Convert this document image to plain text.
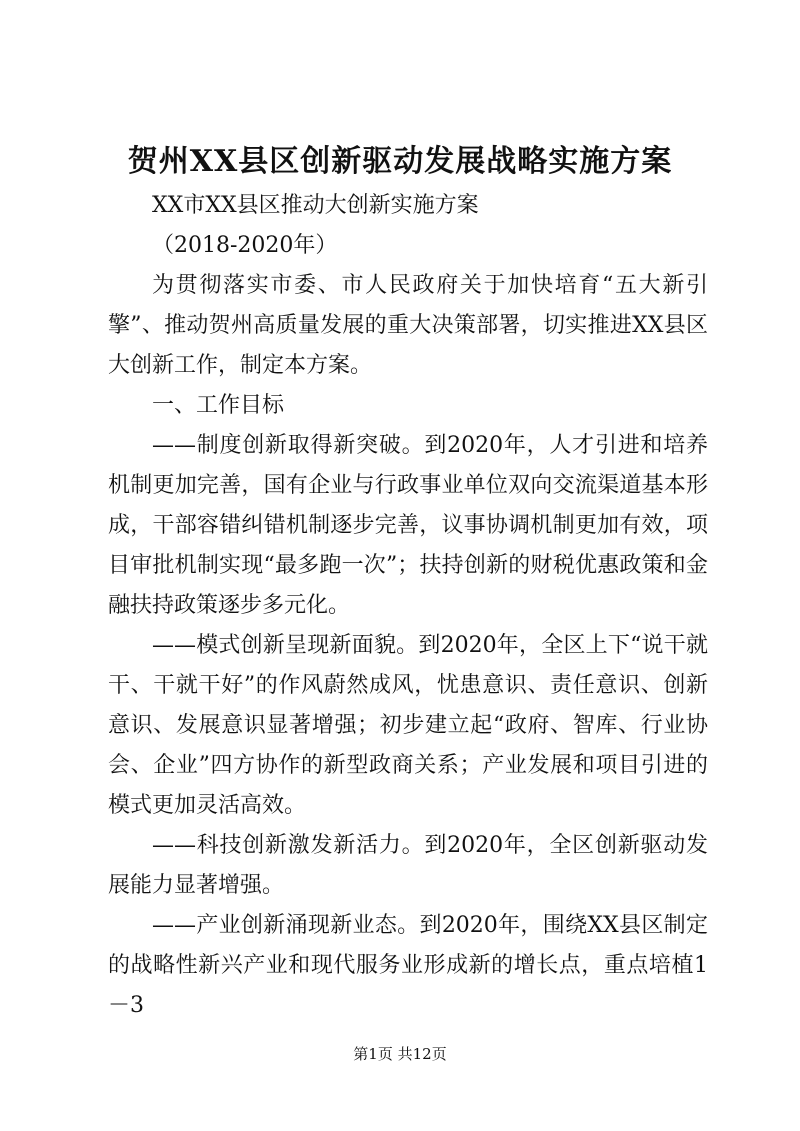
贺州XX县区创新驱动发展战略实施方案

XX市XX县区推动大创新实施方案

（2018-2020年）

为贯彻落实市委、市人民政府关于加快培育“五大新引擎”、推动贺州高质量发展的重大决策部署，切实推进XX县区大创新工作，制定本方案。

一、工作目标

——制度创新取得新突破。到2020年，人才引进和培养机制更加完善，国有企业与行政事业单位双向交流渠道基本形成，干部容错纠错机制逐步完善，议事协调机制更加有效，项目审批机制实现“最多跑一次”；扶持创新的财税优惠政策和金融扶持政策逐步多元化。

——模式创新呈现新面貌。到2020年，全区上下“说干就干、干就干好”的作风蔚然成风，忧患意识、责任意识、创新意识、发展意识显著增强；初步建立起“政府、智库、行业协会、企业”四方协作的新型政商关系；产业发展和项目引进的模式更加灵活高效。

——科技创新激发新活力。到2020年，全区创新驱动发展能力显著增强。

——产业创新涌现新业态。到2020年，围绕XX县区制定的战略性新兴产业和现代服务业形成新的增长点，重点培植1－3

第1页 共12页
